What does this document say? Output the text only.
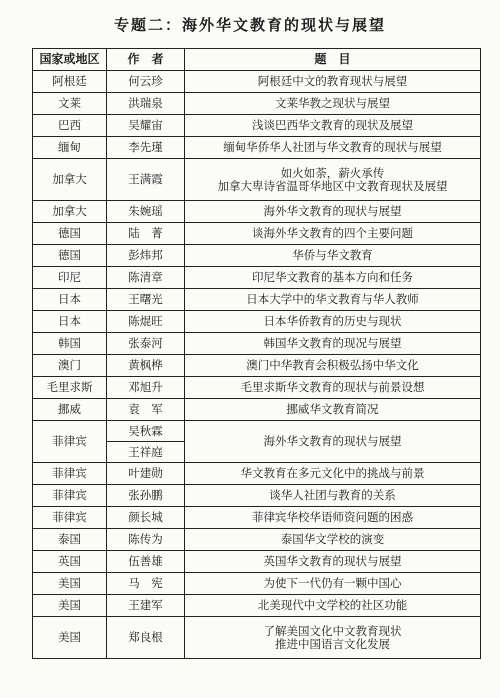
专题二：海外华文教育的现状与展望
国家或地区	作　者	题　目
阿根廷	何云珍	阿根廷中文的教育现状与展望

文莱	洪瑞泉	文莱华教之现状与展望

巴西	吴耀宙	浅谈巴西华文教育的现状及展望

缅甸	李先瑾	缅甸华侨华人社团与华文教育的现状与展望

加拿大	王满霞	如火如荼，薪火承传
加拿大卑诗省温哥华地区中文教育现状及展望

加拿大	朱婉瑶	海外华文教育的现状与展望

德国	陆　菁	谈海外华文教育的四个主要问题

德国	彭炜邦	华侨与华文教育

印尼	陈清章	印尼华文教育的基本方向和任务

日本	王曙光	日本大学中的华文教育与华人教师

日本	陈焜旺	日本华侨教育的历史与现状

韩国	张泰河	韩国华文教育的现况与展望

澳门	黄枫桦	澳门中华教育会积极弘扬中华文化

毛里求斯	邓旭升	毛里求斯华文教育的现状与前景设想

挪威	袁　军	挪威华文教育简况

菲律宾	吴秋霖	海外华文教育的现状与展望

	王祥庭	
菲律宾	叶建勋	华文教育在多元文化中的挑战与前景

菲律宾	张孙鹏	谈华人社团与教育的关系

菲律宾	颜长城	菲律宾华校华语师资问题的困惑

泰国	陈传为	泰国华文学校的演变

英国	伍善雄	英国华文教育的现状与展望

美国	马　宪	为使下一代仍有一颗中国心

美国	王建军	北美现代中文学校的社区功能

美国	郑良根	了解美国文化中文教育现状
推进中国语言文化发展
